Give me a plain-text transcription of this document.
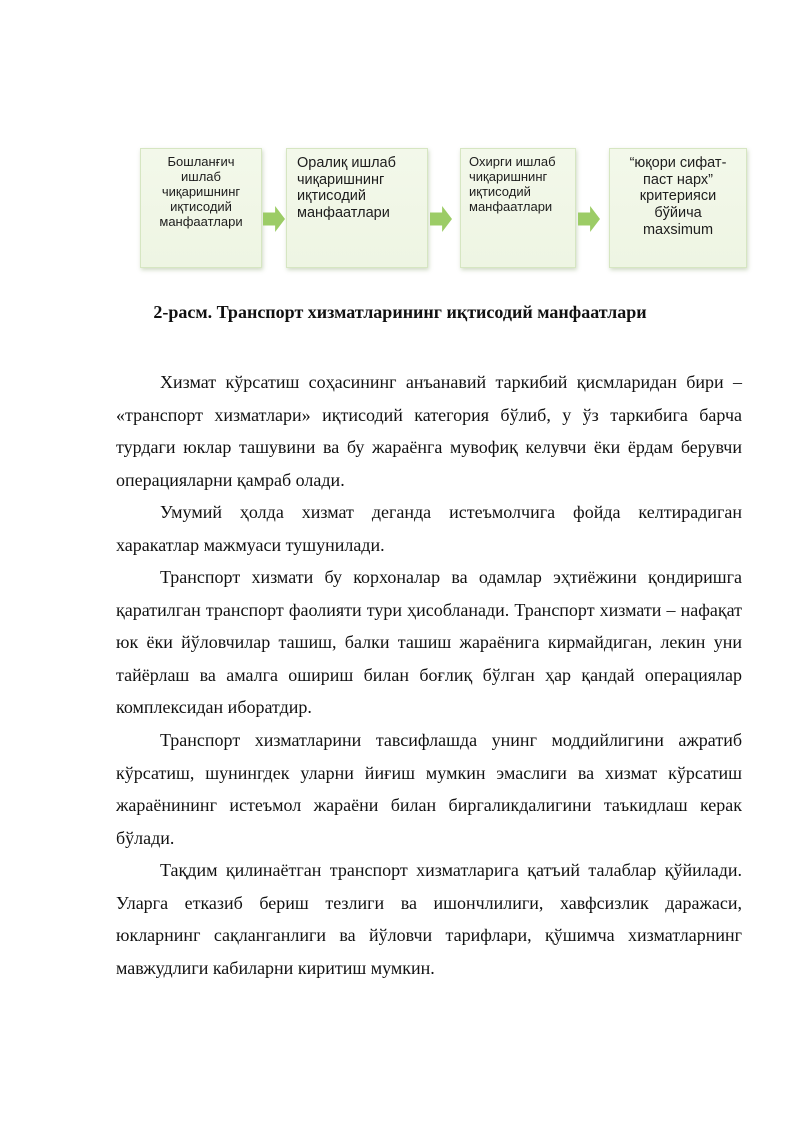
Бошланғич
ишлаб
чиқаришнинг
иқтисодий
манфаатлари
Оралиқ ишлаб
чиқаришнинг
иқтисодий
манфаатлари
Охирги ишлаб
чиқаришнинг
иқтисодий
манфаатлари
“юқори сифат-
паст нарх”
критерияси
бўйича
maxsimum
2-расм. Транспорт хизматларининг иқтисодий манфаатлари
Хизмат кўрсатиш соҳасининг анъанавий таркибий қисмларидан бири – «транспорт хизматлари» иқтисодий категория бўлиб, у ўз таркибига барча турдаги юклар ташувини ва бу жараёнга мувофиқ келувчи ёки ёрдам берувчи операцияларни қамраб олади.
Умумий ҳолда хизмат деганда истеъмолчига фойда келтирадиган харакатлар мажмуаси тушунилади.
Транспорт хизмати бу корхоналар ва одамлар эҳтиёжини қондиришга қаратилган транспорт фаолияти тури ҳисобланади. Транспорт хизмати – нафақат юк ёки йўловчилар ташиш, балки ташиш жараёнига кирмайдиган, лекин уни тайёрлаш ва амалга ошириш билан боғлиқ бўлган ҳар қандай операциялар комплексидан иборатдир.
Транспорт хизматларини тавсифлашда унинг моддийлигини ажратиб кўрсатиш, шунингдек уларни йиғиш мумкин эмаслиги ва хизмат кўрсатиш жараёнининг истеъмол жараёни билан биргаликдалигини таъкидлаш керак бўлади.
Тақдим қилинаётган транспорт хизматларига қатъий талаблар қўйилади. Уларга етказиб бериш тезлиги ва ишончлилиги, хавфсизлик даражаси, юкларнинг сақланганлиги ва йўловчи тарифлари, қўшимча хизматларнинг мавжудлиги кабиларни киритиш мумкин.
